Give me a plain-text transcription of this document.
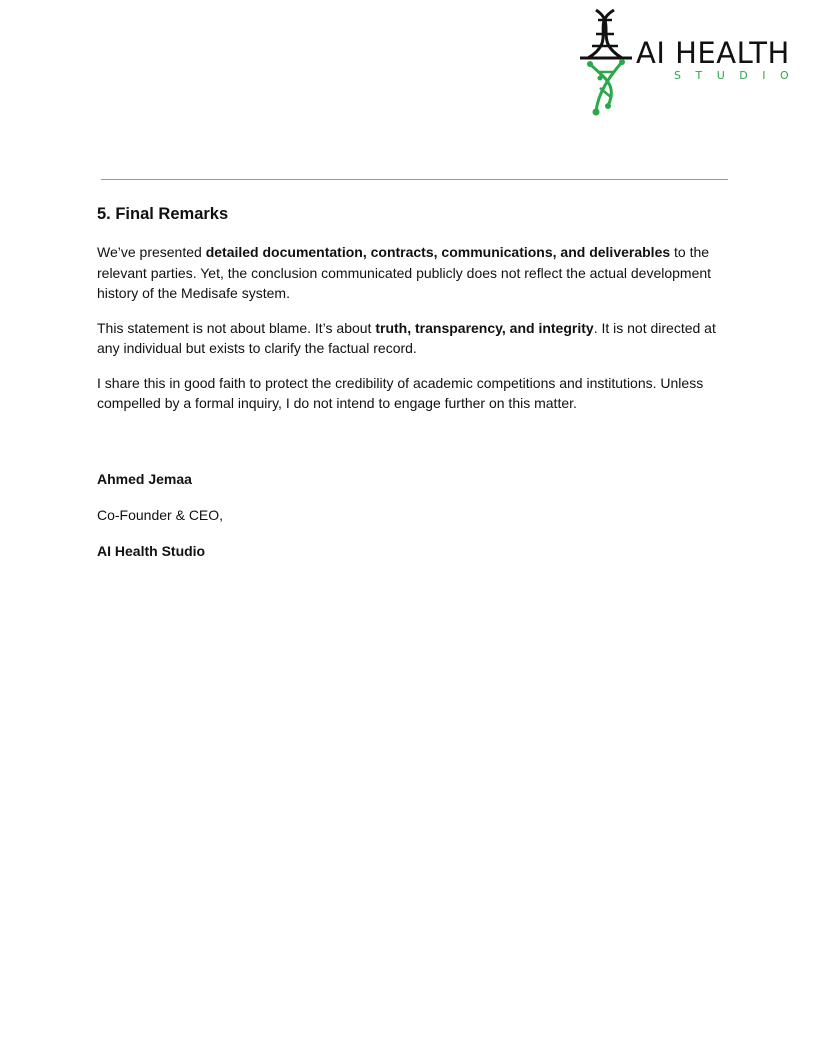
AI HEALTH
STUDIO
5. Final Remarks

We’ve presented detailed documentation, contracts, communications, and deliverables to the relevant parties. Yet, the conclusion communicated publicly does not reflect the actual development history of the Medisafe system.

This statement is not about blame. It’s about truth, transparency, and integrity. It is not directed at any individual but exists to clarify the factual record.

I share this in good faith to protect the credibility of academic competitions and institutions. Unless compelled by a formal inquiry, I do not intend to engage further on this matter.

Ahmed Jemaa

Co-Founder & CEO,

AI Health Studio
